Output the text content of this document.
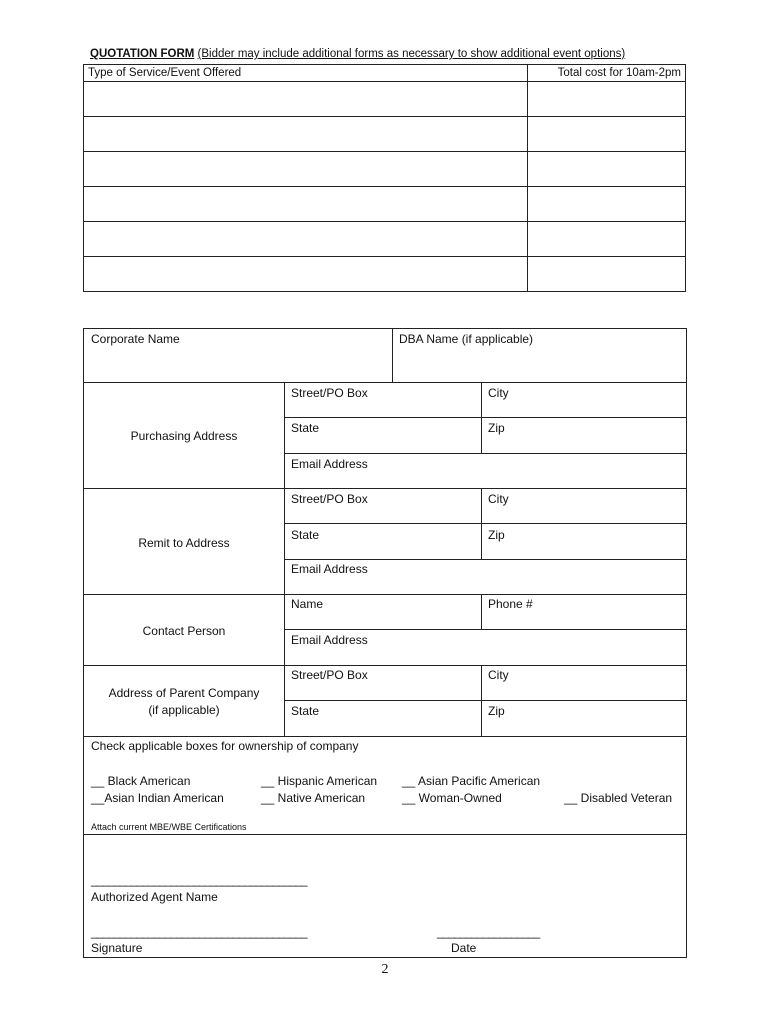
QUOTATION FORM (Bidder may include additional forms as necessary to show additional event options)
Type of Service/Event Offered	Total cost for 10am-2pm

Corporate Name	DBA Name (if applicable)
Purchasing Address
Street/PO Box	City
State	Zip
Email Address
Remit to Address
Street/PO Box	City
State	Zip
Email Address
Contact Person
Name	Phone #
Email Address
Address of Parent Company
(if applicable)
Street/PO Box	City
State	Zip
Check applicable boxes for ownership of company
__ Black American	__ Hispanic American __ Asian Pacific American
__Asian Indian American	__ Native American	__ Woman-Owned	__ Disabled Veteran
Attach current MBE/WBE Certifications
______________________________________
Authorized Agent Name
______________________________________
Signature
__________________
Date
2
